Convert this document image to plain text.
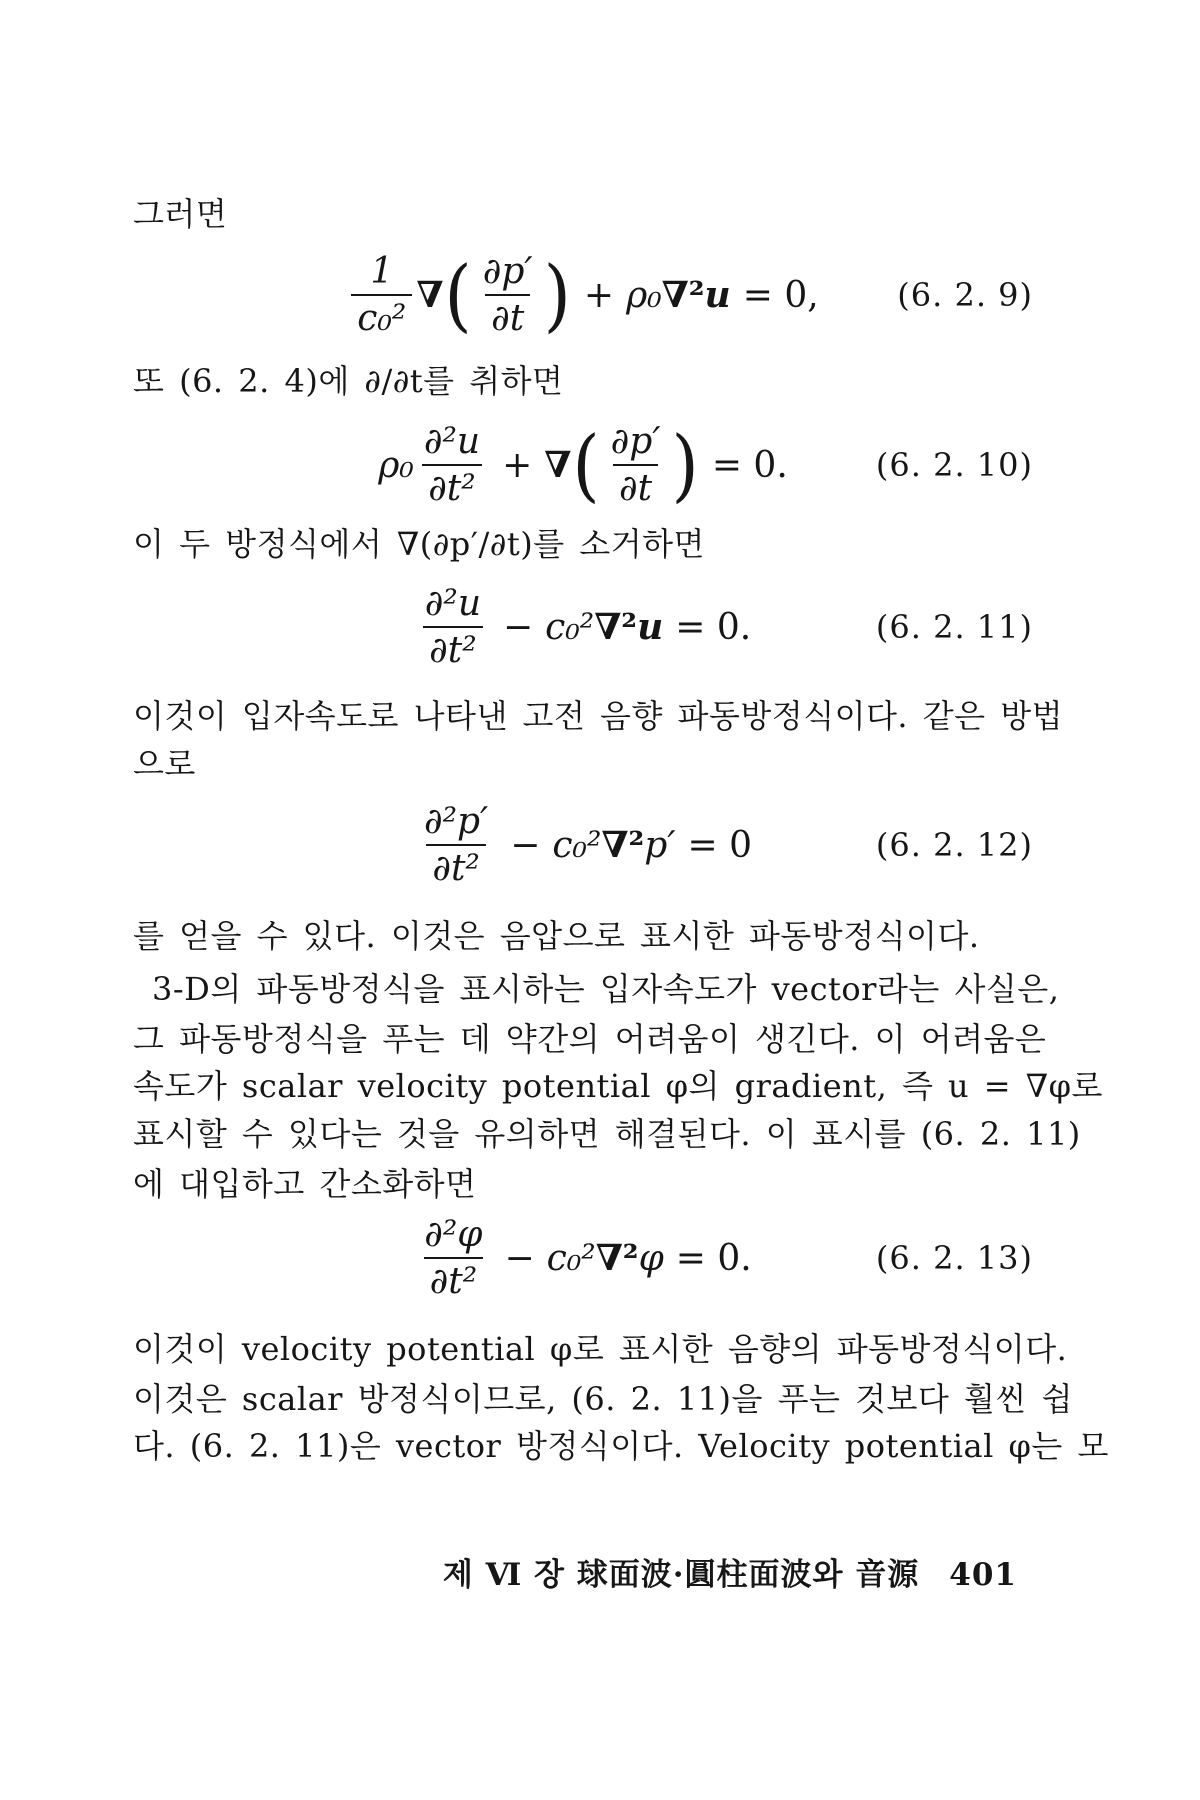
그러면
$\frac{1}{\text{c₀²}}$ ∇ ( $\frac{\partial p'}{\partial t}$ ) + ρ₀ ∇² u = 0, (6. 2. 9)
또 (6. 2. 4)에 ∂/∂t를 취하면
$\rho_0 \frac{\text{∂²u}}{\text{∂t²}}$ + ∇ ( $\frac{\partial p'}{\partial t}$ ) = 0.	(6. 2. 10)
이 두 방정식에서 ∇(∂p′/∂t)를 소거하면
$\frac{\text{∂²u}}{\text{∂t²}} - c_0^2$ ∇² u = 0.	(6. 2. 11)
이것이 입자속도로 나타낸 고전 음향 파동방정식이다. 같은 방법
으로
$\frac{\text{∂²p′}}{\text{∂t²}} - c_0^2$ ∇² p′ = 0	(6. 2. 12)
를 얻을 수 있다. 이것은 음압으로 표시한 파동방정식이다.
3-D의 파동방정식을 표시하는 입자속도가 vector라는 사실은,
그 파동방정식을 푸는 데 약간의 어려움이 생긴다. 이 어려움은
속도가 scalar velocity potential φ의 gradient, 즉 u = ∇φ로
표시할 수 있다는 것을 유의하면 해결된다. 이 표시를 (6. 2. 11)
에 대입하고 간소화하면
$\frac{\text{∂²φ}}{\text{∂t²}} - c_0^2$ ∇² φ = 0.	(6. 2. 13)
이것이 velocity potential φ로 표시한 음향의 파동방정식이다.
이것은 scalar 방정식이므로, (6. 2. 11)을 푸는 것보다 훨씬 쉽
다. (6. 2. 11)은 vector 방정식이다. Velocity potential φ는 모
제 Ⅵ 장 球面波·圓柱面波와 音源 401
